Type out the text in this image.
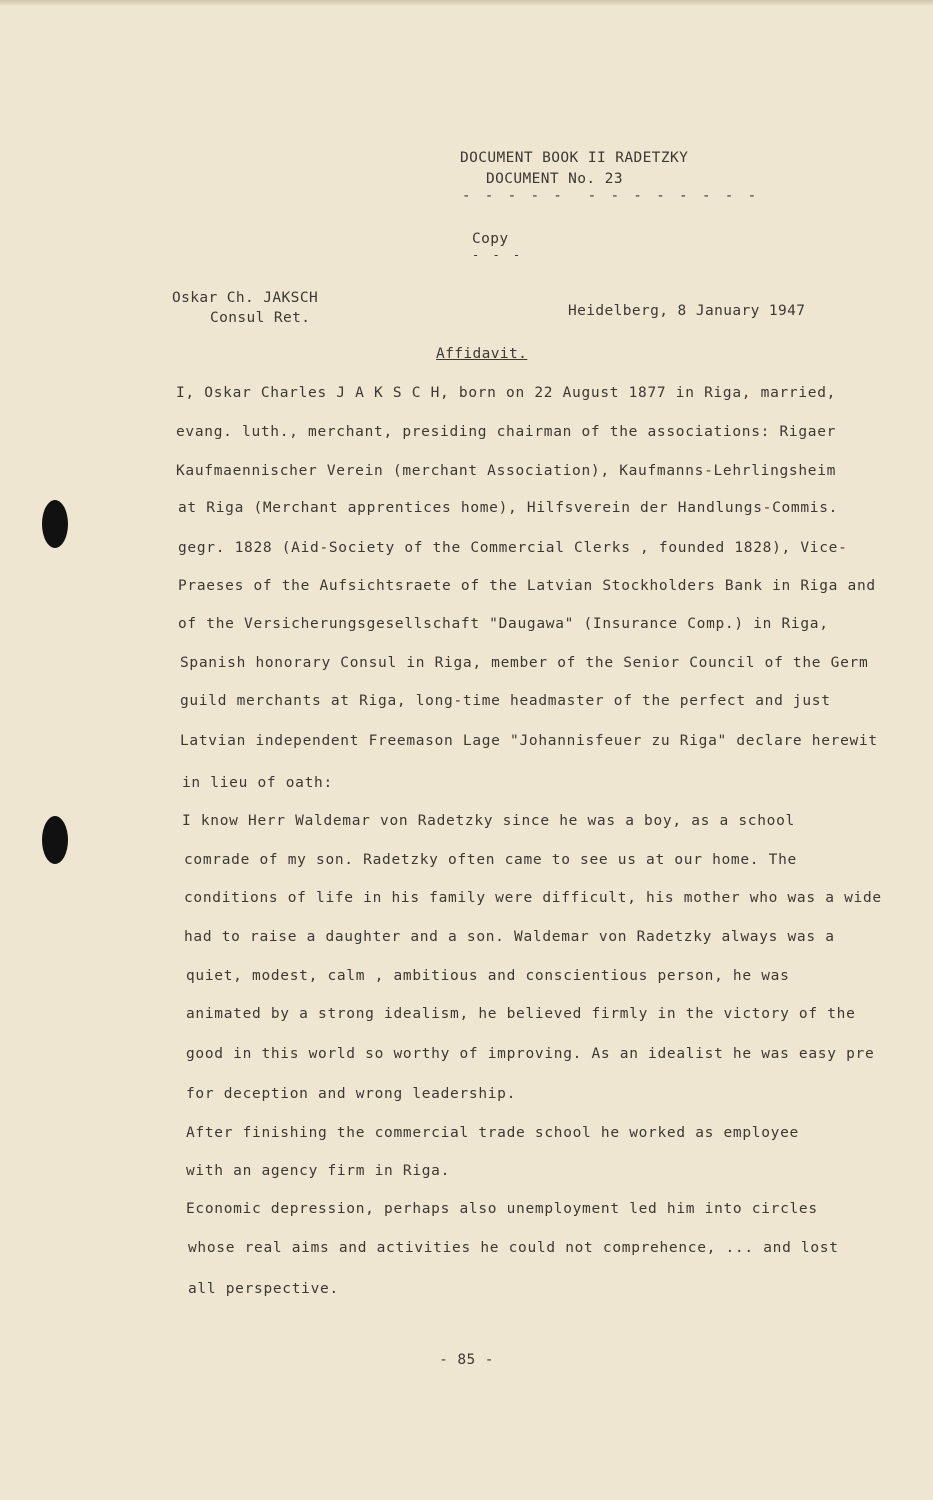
DOCUMENT BOOK II RADETZKY
DOCUMENT No. 23
- - - - -  - - - - - - - -
Copy
- - -
Oskar Ch. JAKSCH
Consul Ret.	Heidelberg, 8 January 1947
Affidavit.
I, Oskar Charles J A K S C H, born on 22 August 1877 in Riga, married,
evang. luth., merchant, presiding chairman of the associations: Rigaer
Kaufmaennischer Verein (merchant Association), Kaufmanns-Lehrlingsheim
at Riga (Merchant apprentices home), Hilfsverein der Handlungs-Commis.
gegr. 1828 (Aid-Society of the Commercial Clerks , founded 1828), Vice-
Praeses of the Aufsichtsraete of the Latvian Stockholders Bank in Riga and
of the Versicherungsgesellschaft "Daugawa" (Insurance Comp.) in Riga,
Spanish honorary Consul in Riga, member of the Senior Council of the Germ
guild merchants at Riga, long-time headmaster of the perfect and just
Latvian independent Freemason Lage "Johannisfeuer zu Riga" declare herewit
in lieu of oath:
I know Herr Waldemar von Radetzky since he was a boy, as a school
comrade of my son. Radetzky often came to see us at our home. The
conditions of life in his family were difficult, his mother who was a wide
had to raise a daughter and a son. Waldemar von Radetzky always was a
quiet, modest, calm , ambitious and conscientious person, he was
animated by a strong idealism, he believed firmly in the victory of the
good in this world so worthy of improving. As an idealist he was easy pre
for deception and wrong leadership.
After finishing the commercial trade school he worked as employee
with an agency firm in Riga.
Economic depression, perhaps also unemployment led him into circles
whose real aims and activities he could not comprehence, ... and lost
all perspective.
- 85 -
